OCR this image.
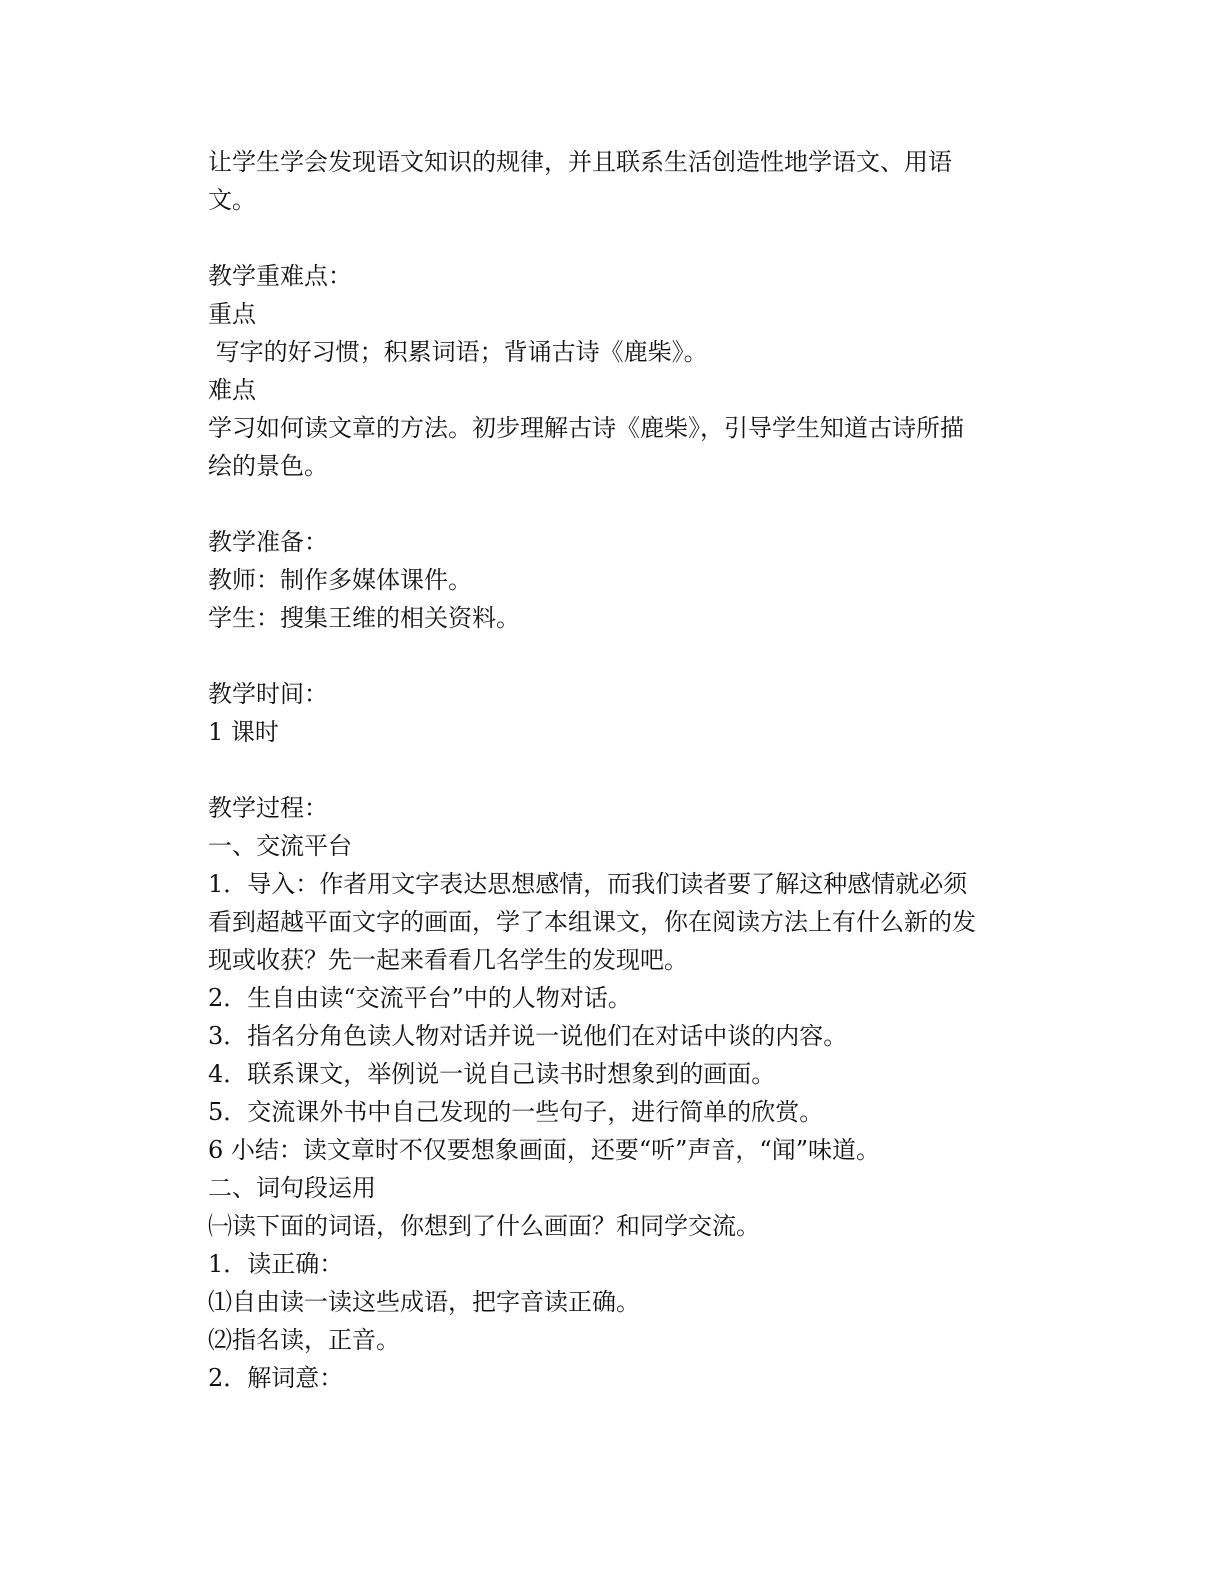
让学生学会发现语文知识的规律，并且联系生活创造性地学语文、用语
文。
教学重难点：
重点
写字的好习惯；积累词语；背诵古诗《鹿柴》。
难点
学习如何读文章的方法。初步理解古诗《鹿柴》，引导学生知道古诗所描
绘的景色。
教学准备：
教师：制作多媒体课件。
学生：搜集王维的相关资料。
教学时间：
1 课时
教学过程：
一、交流平台
1．导入：作者用文字表达思想感情，而我们读者要了解这种感情就必须
看到超越平面文字的画面，学了本组课文，你在阅读方法上有什么新的发
现或收获？先一起来看看几名学生的发现吧。
2．生自由读“交流平台”中的人物对话。
3．指名分角色读人物对话并说一说他们在对话中谈的内容。
4．联系课文，举例说一说自己读书时想象到的画面。
5．交流课外书中自己发现的一些句子，进行简单的欣赏。
6 小结：读文章时不仅要想象画面，还要“听”声音，“闻”味道。
二、词句段运用
㈠读下面的词语，你想到了什么画面？和同学交流。
1．读正确：
⑴自由读一读这些成语，把字音读正确。
⑵指名读，正音。
2．解词意：
